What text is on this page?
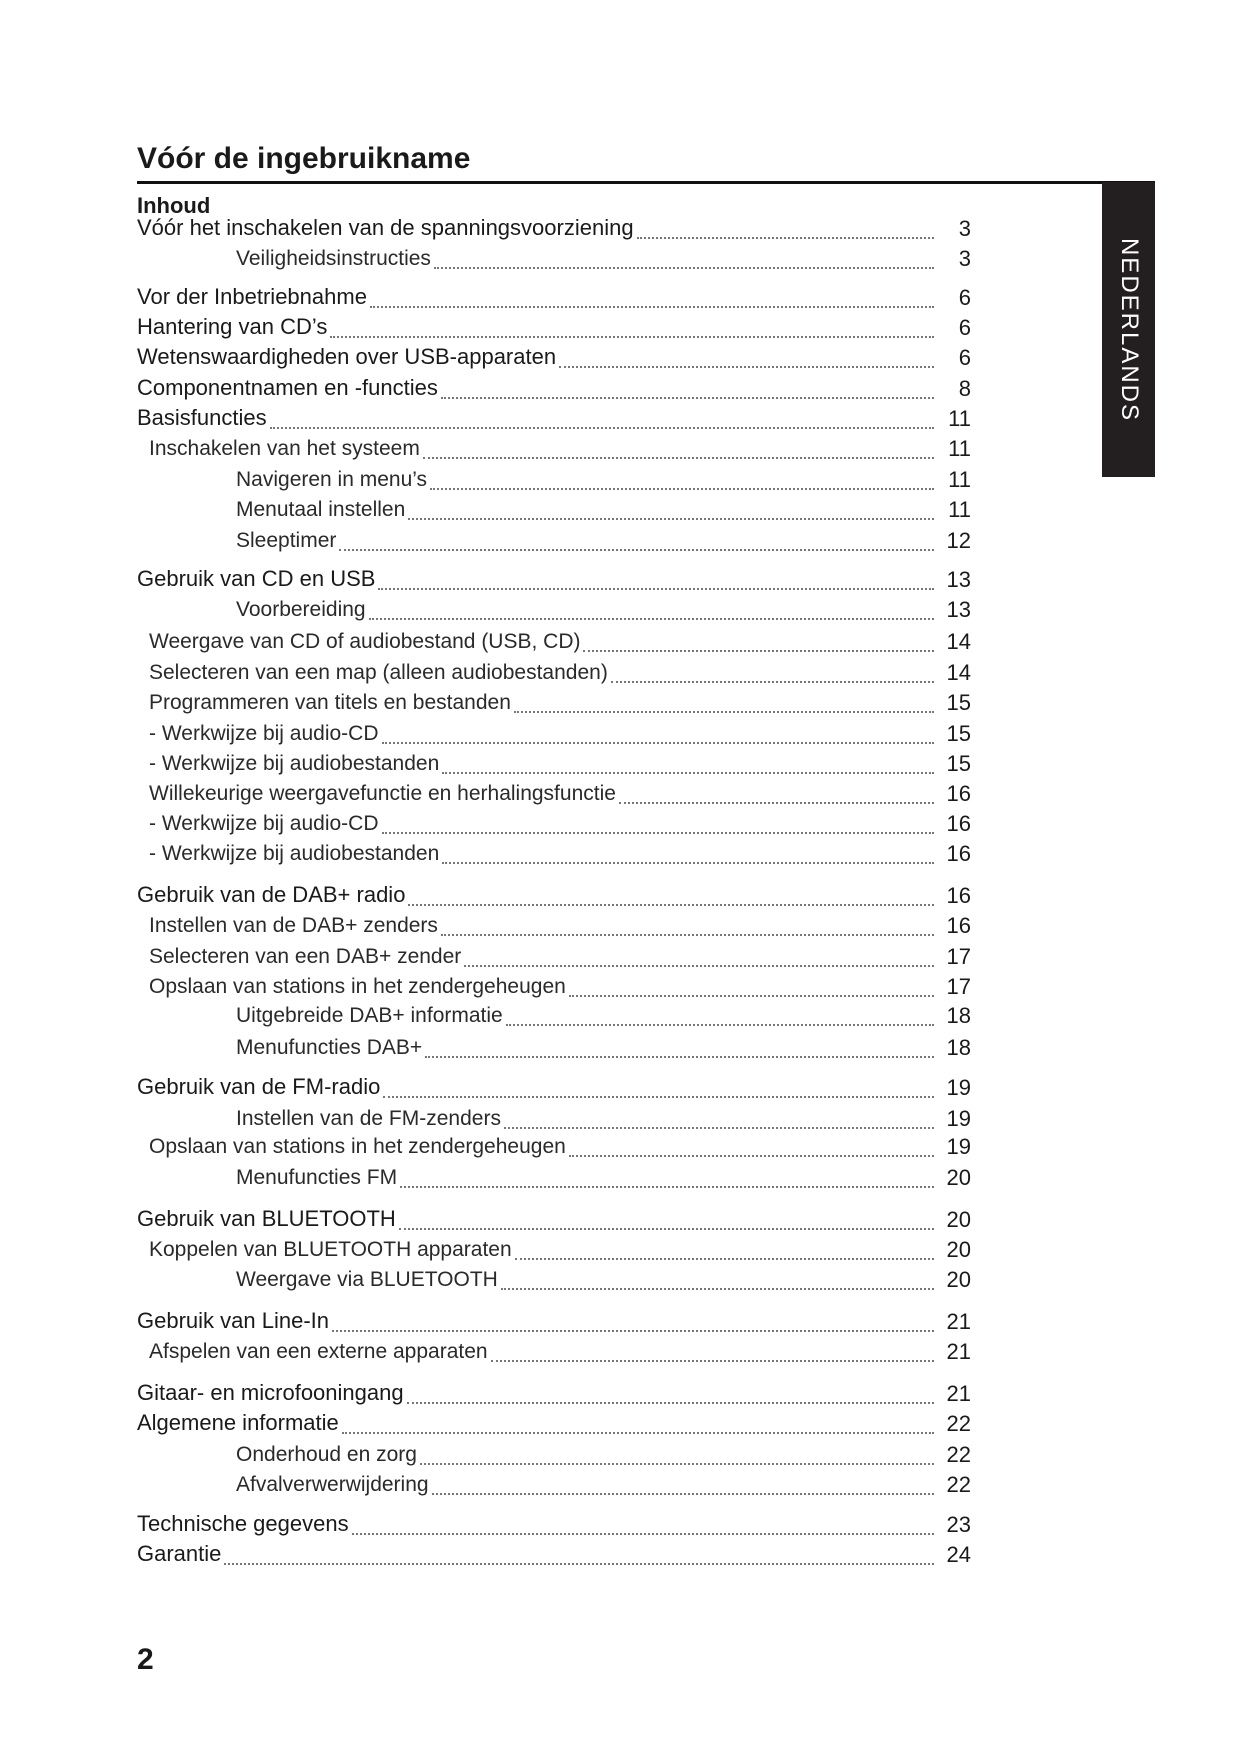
Vóór de ingebruikname
Inhoud
NEDERLANDS
Vóór het inschakelen van de spanningsvoorziening	3
Veiligheidsinstructies	3
Vor der Inbetriebnahme	6
Hantering van CD’s	6
Wetenswaardigheden over USB-apparaten	6
Componentnamen en -functies	8
Basisfuncties	11
Inschakelen van het systeem	11
Navigeren in menu’s	11
Menutaal instellen	11
Sleeptimer	12
Gebruik van CD en USB	13
Voorbereiding	13
Weergave van CD of audiobestand (USB, CD)	14
Selecteren van een map (alleen audiobestanden)	14
Programmeren van titels en bestanden	15
- Werkwijze bij audio-CD	15
- Werkwijze bij audiobestanden	15
Willekeurige weergavefunctie en herhalingsfunctie	16
- Werkwijze bij audio-CD	16
- Werkwijze bij audiobestanden	16
Gebruik van de DAB+ radio	16
Instellen van de DAB+ zenders	16
Selecteren van een DAB+ zender	17
Opslaan van stations in het zendergeheugen	17
Uitgebreide DAB+ informatie	18
Menufuncties DAB+	18
Gebruik van de FM-radio	19
Instellen van de FM-zenders	19
Opslaan van stations in het zendergeheugen	19
Menufuncties FM	20
Gebruik van BLUETOOTH	20
Koppelen van BLUETOOTH apparaten	20
Weergave via BLUETOOTH	20
Gebruik van Line-In	21
Afspelen van een externe apparaten	21
Gitaar- en microfooningang	21
Algemene informatie	22
Onderhoud en zorg	22
Afvalverwerwijdering	22
Technische gegevens	23
Garantie	24
2
